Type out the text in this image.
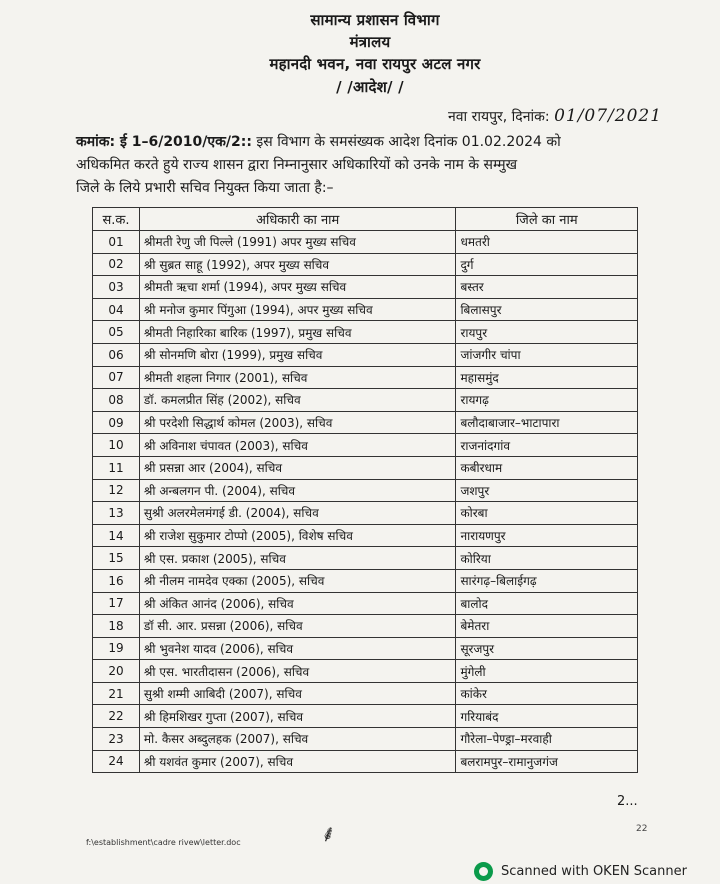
सामान्य प्रशासन विभाग
मंत्रालय
महानदी भवन, नवा रायपुर अटल नगर
/ /आदेश/ /
नवा रायपुर, दिनांक: 01/07/2021
कमांक: ई 1–6/2010/एक/2:: इस विभाग के समसंख्यक आदेश दिनांक 01.02.2024 को
अधिकमित करते हुये राज्य शासन द्वारा निम्नानुसार अधिकारियों को उनके नाम के सम्मुख
जिले के लिये प्रभारी सचिव नियुक्त किया जाता है:–
स.क.	अधिकारी का नाम	जिले का नाम
01	श्रीमती रेणु जी पिल्ले (1991) अपर मुख्य सचिव	धमतरी
02	श्री सुब्रत साहू (1992), अपर मुख्य सचिव	दुर्ग
03	श्रीमती ऋचा शर्मा (1994), अपर मुख्य सचिव	बस्तर
04	श्री मनोज कुमार पिंगुआ (1994), अपर मुख्य सचिव	बिलासपुर
05	श्रीमती निहारिका बारिक (1997), प्रमुख सचिव	रायपुर
06	श्री सोनमणि बोरा (1999), प्रमुख सचिव	जांजगीर चांपा
07	श्रीमती शहला निगार (2001), सचिव	महासमुंद
08	डॉ. कमलप्रीत सिंह (2002), सचिव	रायगढ़
09	श्री परदेशी सिद्धार्थ कोमल (2003), सचिव	बलौदाबाजार–भाटापारा
10	श्री अविनाश चंपावत (2003), सचिव	राजनांदगांव
11	श्री प्रसन्ना आर (2004), सचिव	कबीरधाम
12	श्री अन्बलगन पी. (2004), सचिव	जशपुर
13	सुश्री अलरमेलमंगई डी. (2004), सचिव	कोरबा
14	श्री राजेश सुकुमार टोप्पो (2005), विशेष सचिव	नारायणपुर
15	श्री एस. प्रकाश (2005), सचिव	कोरिया
16	श्री नीलम नामदेव एक्का (2005), सचिव	सारंगढ़–बिलाईगढ़
17	श्री अंकित आनंद (2006), सचिव	बालोद
18	डॉ सी. आर. प्रसन्ना (2006), सचिव	बेमेतरा
19	श्री भुवनेश यादव (2006), सचिव	सूरजपुर
20	श्री एस. भारतीदासन (2006), सचिव	मुंगेली
21	सुश्री शम्मी आबिदी (2007), सचिव	कांकेर
22	श्री हिमशिखर गुप्ता (2007), सचिव	गरियाबंद
23	मो. कैसर अब्दुलहक (2007), सचिव	गौरेला–पेण्ड्रा–मरवाही
24	श्री यशवंत कुमार (2007), सचिव	बलरामपुर–रामानुजगंज
2...
⸙	22
f:\establishment\cadre rivew\letter.doc
Scanned with OKEN Scanner
